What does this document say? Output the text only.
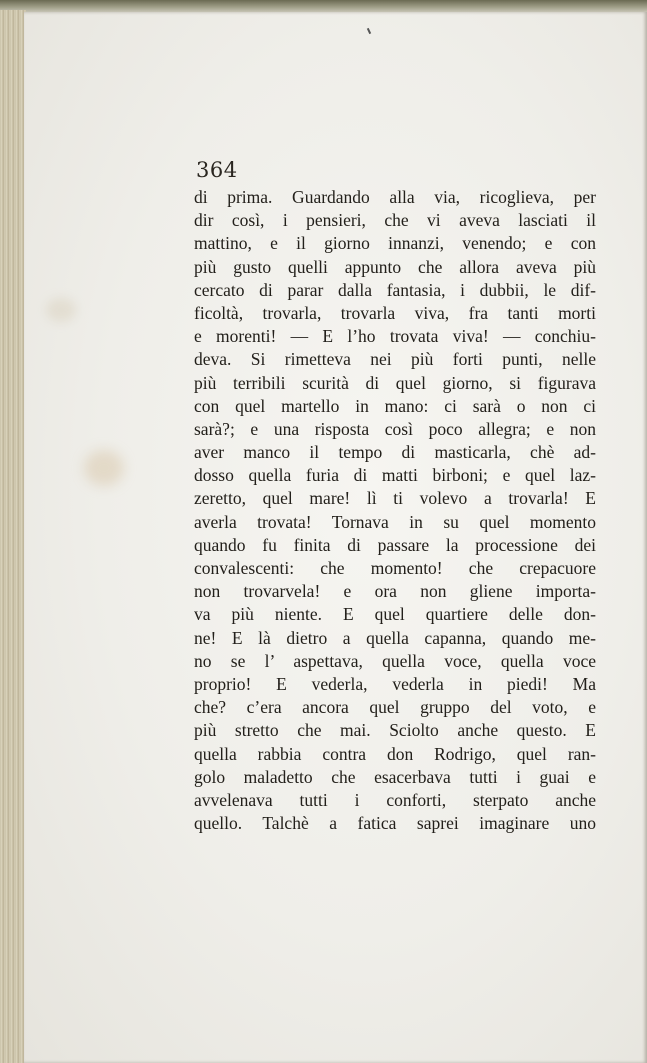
364
di prima. Guardando alla via, ricoglieva, per
dir così, i pensieri, che vi aveva lasciati il
mattino, e il giorno innanzi, venendo; e con
più gusto quelli appunto che allora aveva più
cercato di parar dalla fantasia, i dubbii, le dif-
ficoltà, trovarla, trovarla viva, fra tanti morti
e morenti! — E l’ho trovata viva! — conchiu-
deva. Si rimetteva nei più forti punti, nelle
più terribili scurità di quel giorno, si figurava
con quel martello in mano: ci sarà o non ci
sarà?; e una risposta così poco allegra; e non
aver manco il tempo di masticarla, chè ad-
dosso quella furia di matti birboni; e quel laz-
zeretto, quel mare! lì ti volevo a trovarla! E
averla trovata! Tornava in su quel momento
quando fu finita di passare la processione dei
convalescenti: che momento! che crepacuore
non trovarvela! e ora non gliene importa-
va più niente. E quel quartiere delle don-
ne! E là dietro a quella capanna, quando me-
no se l’ aspettava, quella voce, quella voce
proprio! E vederla, vederla in piedi! Ma
che? c’era ancora quel gruppo del voto, e
più stretto che mai. Sciolto anche questo. E
quella rabbia contra don Rodrigo, quel ran-
golo maladetto che esacerbava tutti i guai e
avvelenava tutti i conforti, sterpato anche
quello. Talchè a fatica saprei imaginare uno
